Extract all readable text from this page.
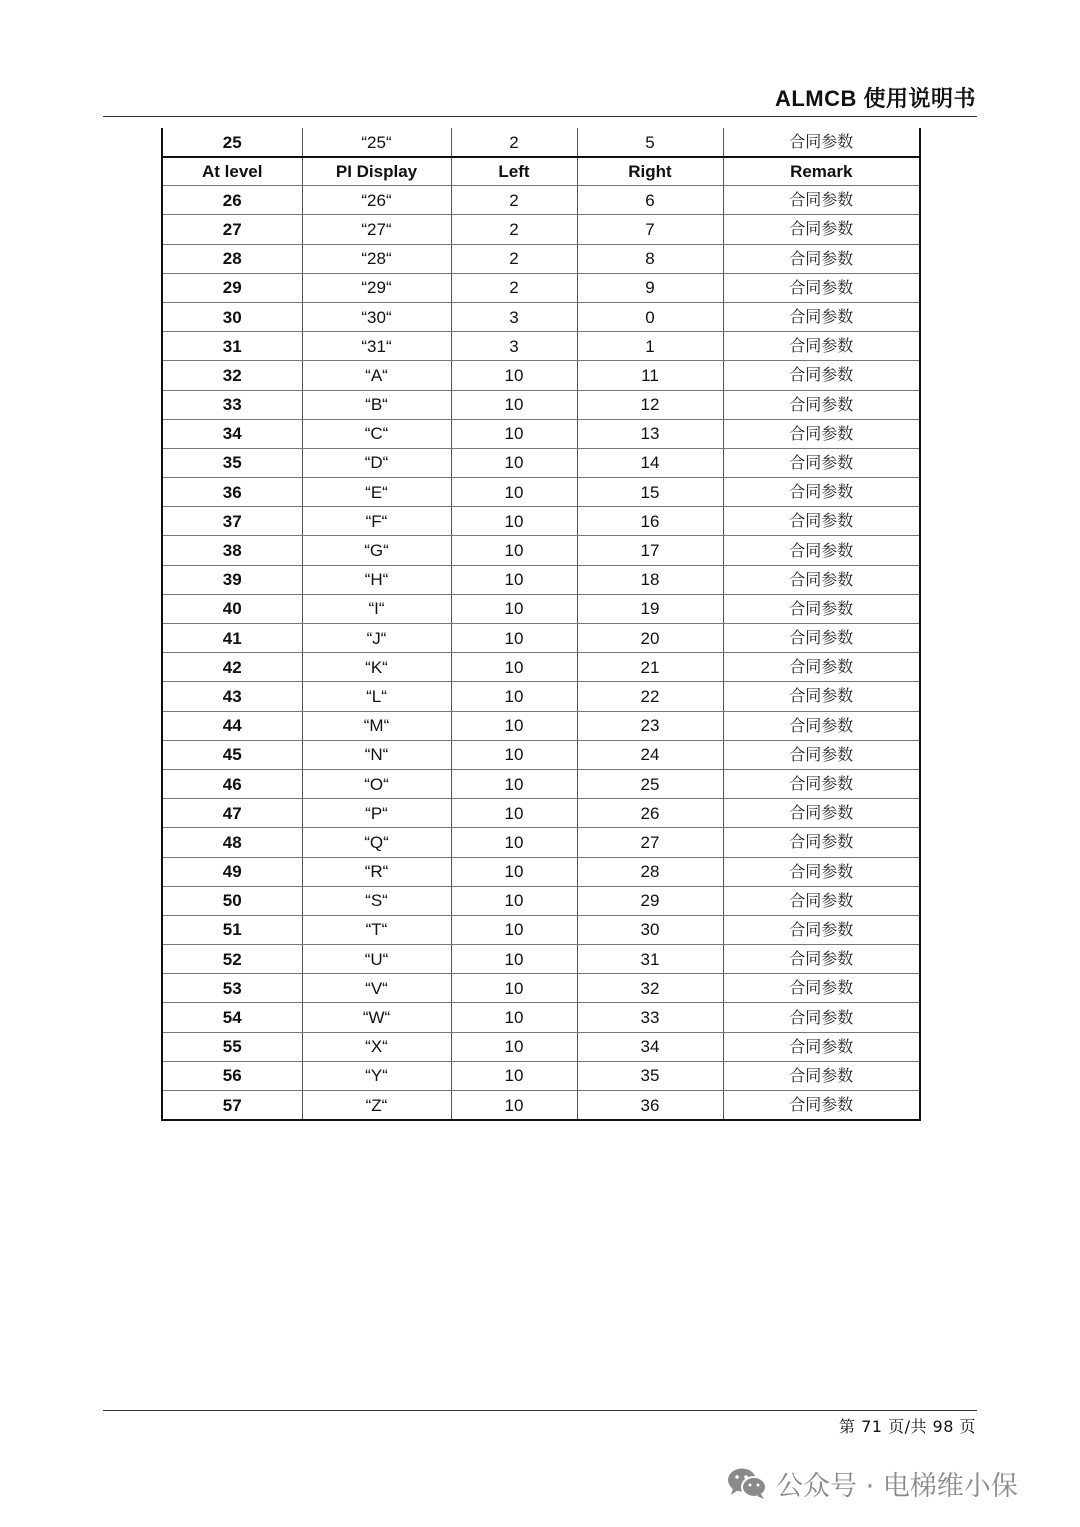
ALMCB 使用说明书
25	“25“	2	5	合同参数
At level	PI Display	Left	Right	Remark
26	“26“	2	6	合同参数
27	“27“	2	7	合同参数
28	“28“	2	8	合同参数
29	“29“	2	9	合同参数
30	“30“	3	0	合同参数
31	“31“	3	1	合同参数
32	“A“	10	11	合同参数
33	“B“	10	12	合同参数
34	“C“	10	13	合同参数
35	“D“	10	14	合同参数
36	“E“	10	15	合同参数
37	“F“	10	16	合同参数
38	“G“	10	17	合同参数
39	“H“	10	18	合同参数
40	“I“	10	19	合同参数
41	“J“	10	20	合同参数
42	“K“	10	21	合同参数
43	“L“	10	22	合同参数
44	“M“	10	23	合同参数
45	“N“	10	24	合同参数
46	“O“	10	25	合同参数
47	“P“	10	26	合同参数
48	“Q“	10	27	合同参数
49	“R“	10	28	合同参数
50	“S“	10	29	合同参数
51	“T“	10	30	合同参数
52	“U“	10	31	合同参数
53	“V“	10	32	合同参数
54	“W“	10	33	合同参数
55	“X“	10	34	合同参数
56	“Y“	10	35	合同参数
57	“Z“	10	36	合同参数
第 71 页/共 98 页
公众号 · 电梯维小保
